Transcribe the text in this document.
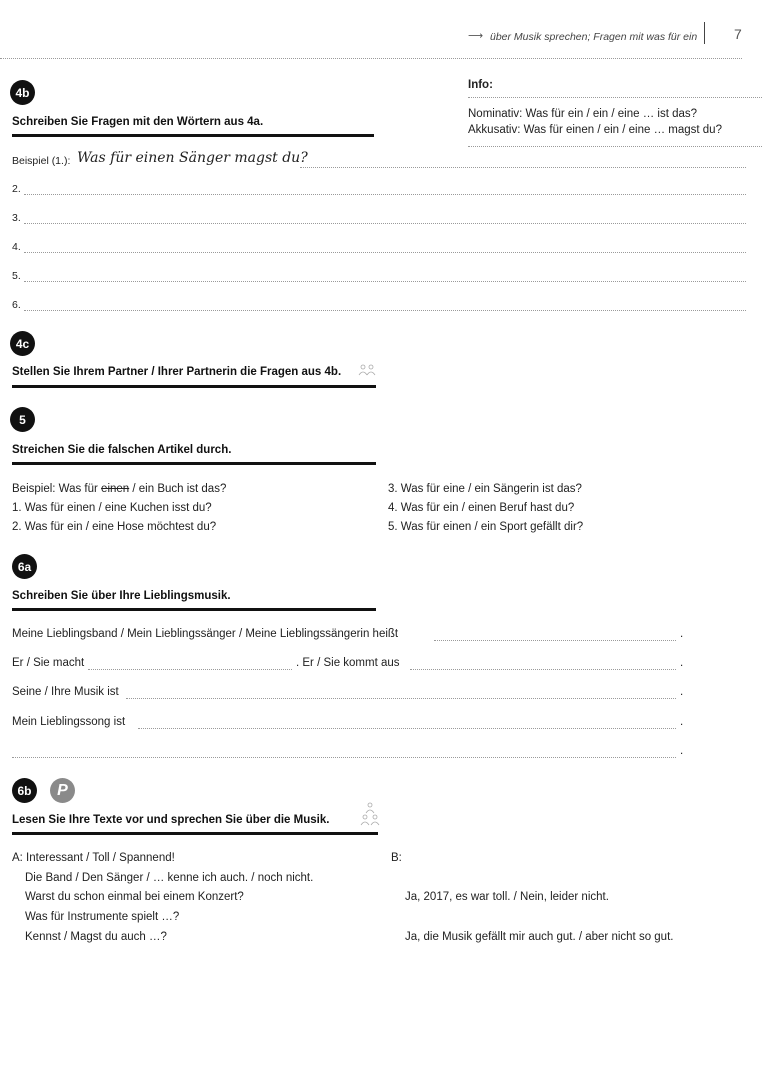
⟶ über Musik sprechen; Fragen mit was für ein	7
Info:
Nominativ: Was für ein / ein / eine … ist das?
Akkusativ: Was für einen / ein / eine … magst du?
4b
Schreiben Sie Fragen mit den Wörtern aus 4a.
Beispiel (1.): Was für einen Sänger magst du?
2.
3.
4.
5.
6.
4c
Stellen Sie Ihrem Partner / Ihrer Partnerin die Fragen aus 4b.
5
Streichen Sie die falschen Artikel durch.
Beispiel: Was für einen / ein Buch ist das?
1. Was für einen / eine Kuchen isst du?
2. Was für ein / eine Hose möchtest du?
3. Was für eine / ein Sängerin ist das?
4. Was für ein / einen Beruf hast du?
5. Was für einen / ein Sport gefällt dir?
6a
Schreiben Sie über Ihre Lieblingsmusik.
Meine Lieblingsband / Mein Lieblingssänger / Meine Lieblingssängerin heißt	.
Er / Sie macht	. Er / Sie kommt aus	.
Seine / Ihre Musik ist	.
Mein Lieblingssong ist	.
.
6b	P
Lesen Sie Ihre Texte vor und sprechen Sie über die Musik.
A: Interessant / Toll / Spannend!
Die Band / Den Sänger / … kenne ich auch. / noch nicht.
Warst du schon einmal bei einem Konzert?
Was für Instrumente spielt …?
Kennst / Magst du auch …?
B:
Ja, 2017, es war toll. / Nein, leider nicht.
Ja, die Musik gefällt mir auch gut. / aber nicht so gut.
